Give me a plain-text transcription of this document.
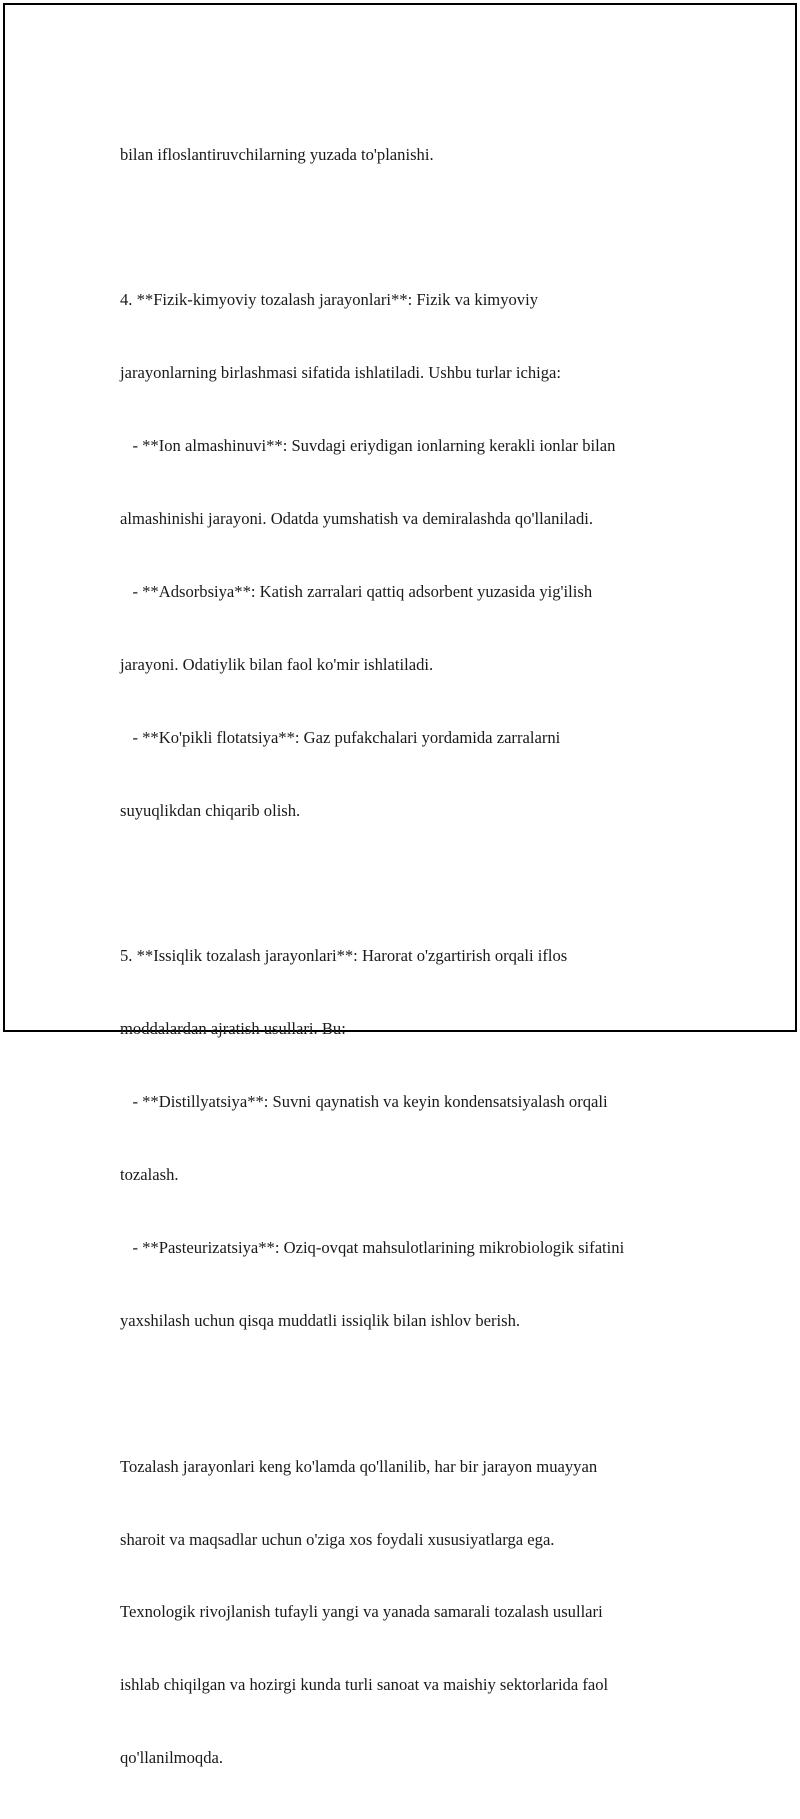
bilan ifloslantiruvchilarning yuzada to'planishi.

4. **Fizik-kimyoviy tozalash jarayonlari**: Fizik va kimyoviy

jarayonlarning birlashmasi sifatida ishlatiladi. Ushbu turlar ichiga:

- **Ion almashinuvi**: Suvdagi eriydigan ionlarning kerakli ionlar bilan

almashinishi jarayoni. Odatda yumshatish va demiralashda qo'llaniladi.

- **Adsorbsiya**: Katish zarralari qattiq adsorbent yuzasida yig'ilish

jarayoni. Odatiylik bilan faol ko'mir ishlatiladi.

- **Ko'pikli flotatsiya**: Gaz pufakchalari yordamida zarralarni

suyuqlikdan chiqarib olish.

5. **Issiqlik tozalash jarayonlari**: Harorat o'zgartirish orqali iflos

moddalardan ajratish usullari. Bu:

- **Distillyatsiya**: Suvni qaynatish va keyin kondensatsiyalash orqali

tozalash.

- **Pasteurizatsiya**: Oziq-ovqat mahsulotlarining mikrobiologik sifatini

yaxshilash uchun qisqa muddatli issiqlik bilan ishlov berish.

Tozalash jarayonlari keng ko'lamda qo'llanilib, har bir jarayon muayyan

sharoit va maqsadlar uchun o'ziga xos foydali xususiyatlarga ega.

Texnologik rivojlanish tufayli yangi va yanada samarali tozalash usullari

ishlab chiqilgan va hozirgi kunda turli sanoat va maishiy sektorlarida faol

qo'llanilmoqda.
